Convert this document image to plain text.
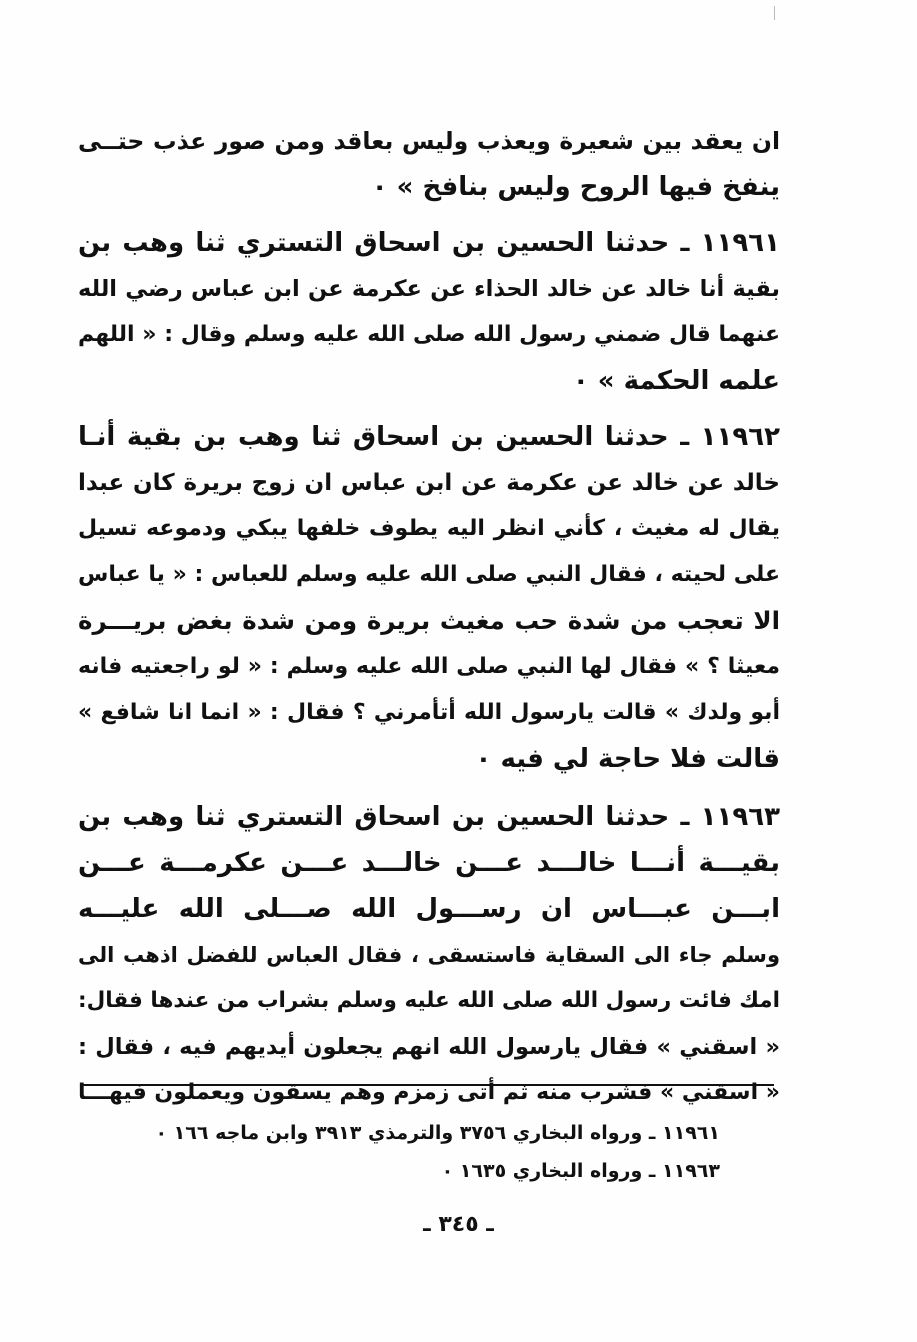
ان يعقد بين شعيرة ويعذب وليس بعاقد ومن صور عذب حتــى
ينفخ فيها الروح وليس بنافخ » ٠
١١٩٦١ ـ حدثنا الحسين بن اسحاق التستري ثنا وهب بن
بقية أنا خالد عن خالد الحذاء عن عكرمة عن ابن عباس رضي الله
عنهما قال ضمني رسول الله صلى الله عليه وسلم وقال : « اللهم
علمه الحكمة » ٠
١١٩٦٢ ـ حدثنا الحسين بن اسحاق ثنا وهب بن بقية أنـا
خالد عن خالد عن عكرمة عن ابن عباس ان زوج بريرة كان عبدا
يقال له مغيث ، كأني انظر اليه يطوف خلفها يبكي ودموعه تسيل
على لحيته ، فقال النبي صلى الله عليه وسلم للعباس : « يا عباس
الا تعجب من شدة حب مغيث بريرة ومن شدة بغض بريـــرة
معيثا ؟ » فقال لها النبي صلى الله عليه وسلم : « لو راجعتيه فانه
أبو ولدك » قالت يارسول الله أتأمرني ؟ فقال : « انما انا شافع »
قالت فلا حاجة لي فيه ٠
١١٩٦٣ ـ حدثنا الحسين بن اسحاق التستري ثنا وهب بن
بقيـــة أنـــا خالـــد عـــن خالـــد عـــن عكرمـــة عـــن
ابـــن عبـــاس ان رســـول الله صـــلى الله عليـــه
وسلم جاء الى السقاية فاستسقى ، فقال العباس للفضل اذهب الى
امك فائت رسول الله صلى الله عليه وسلم بشراب من عندها فقال:
« اسقني » فقال يارسول الله انهم يجعلون أيديهم فيه ، فقال :
« اسقني » فشرب منه ثم أتى زمزم وهم يسقون ويعملون فيهـــا
١١٩٦١ ـ ورواه البخاري ٣٧٥٦ والترمذي ٣٩١٣ وابن ماجه ١٦٦ ٠
١١٩٦٣ ـ ورواه البخاري ١٦٣٥ ٠
ـ ٣٤٥ ـ
